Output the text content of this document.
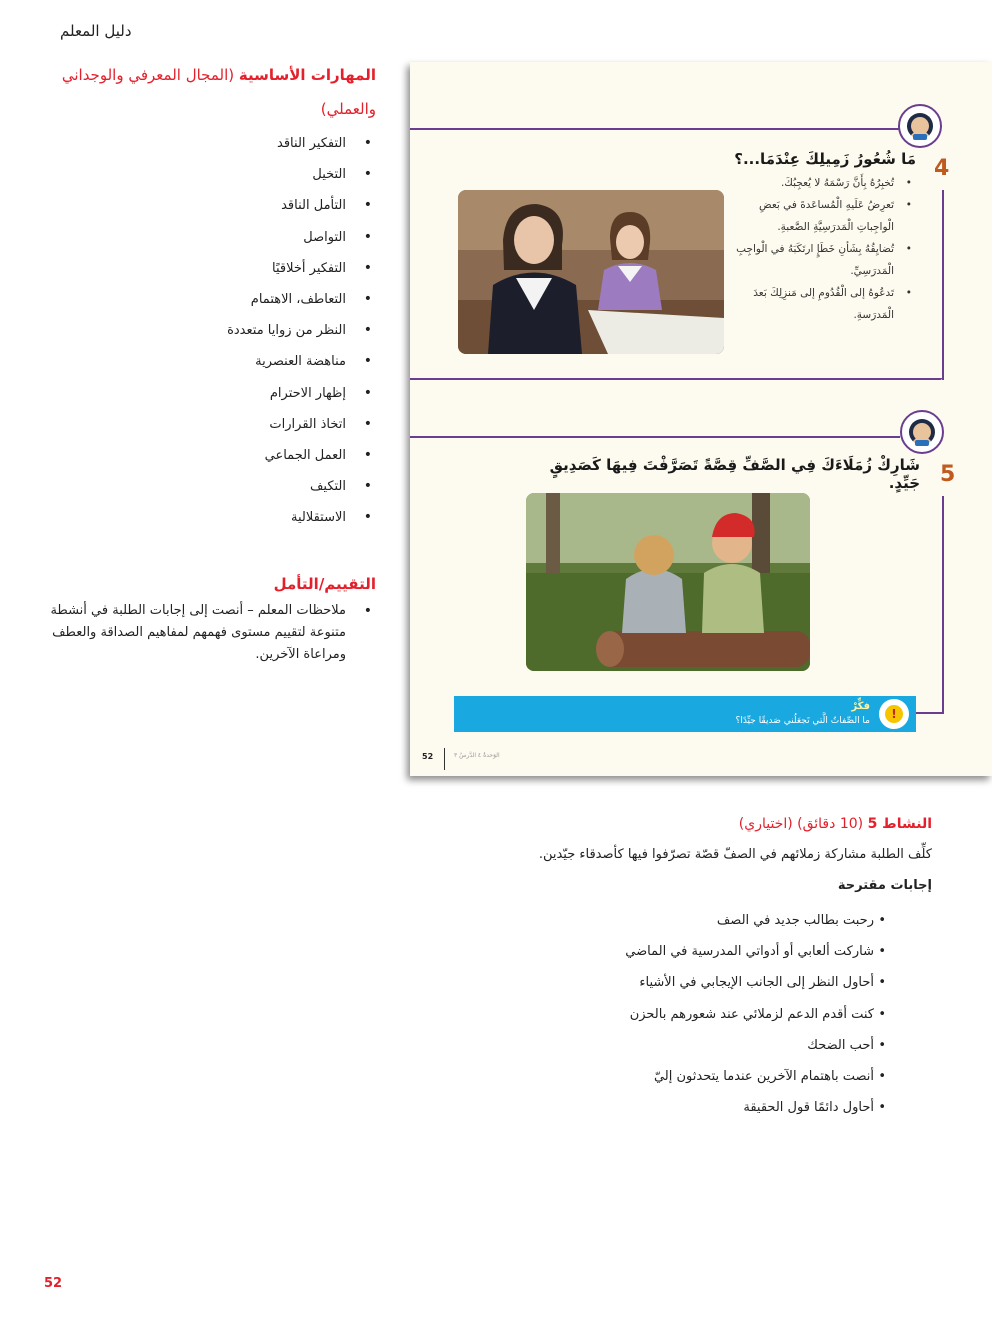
دليل المعلم
المهارات الأساسية (المجال المعرفي والوجداني والعملي)
• التفكير الناقد
• التخيل
• التأمل الناقد
• التواصل
• التفكير أخلاقيًا
• التعاطف، الاهتمام
• النظر من زوايا متعددة
• مناهضة العنصرية
• إظهار الاحترام
• اتخاذ القرارات
• العمل الجماعي
• التكيف
• الاستقلالية
التقييم/التأمل
• ملاحظات المعلم – أنصت إلى إجابات الطلبة في أنشطة متنوعة لتقييم مستوى فهمهم لمفاهيم الصداقة والعطف ومراعاة الآخرين.
4
مَا شُعُورُ زَمِيلِكَ عِنْدَمَا...؟
• تُخبِرُهُ بِأَنَّ رَسْمَهُ لا يُعجِبُكَ.
• تَعرِضُ عَلَيهِ الْمُساعَدةَ في بَعضِ الْواجِباتِ الْمَدرَسِيَّةِ الصَّعبةِ.
• تُضايِقُهُ بِشَأنِ خَطَإٍ ارتَكَبَهُ في الْواجِبِ الْمَدرَسِيِّ.
• تَدعُوهُ إلى الْقُدُومِ إلى مَنزِلِكَ بَعدَ الْمَدرَسةِ.
5
شَارِكْ زُمَلَاءَكَ فِي الصَّفِّ قِصَّةً تَصَرَّفْتَ فِيهَا كَصَدِيقٍ جَيِّدٍ.
فكِّرْ
ما الصِّفاتُ الَّتي تَجعَلُني صَديقًا جيِّدًا؟	!
52	الوَحدةُ ٤ الدَّرسُ ٣
النشاط 5 (10 دقائق) (اختياري)
كلِّف الطلبة مشاركة زملائهم في الصفّ قصّة تصرّفوا فيها كأصدقاء جيّدين.
إجابات مقترحة
• رحبت بطالب جديد في الصف
• شاركت ألعابي أو أدواتي المدرسية في الماضي
• أحاول النظر إلى الجانب الإيجابي في الأشياء
• كنت أقدم الدعم لزملائي عند شعورهم بالحزن
• أحب الضحك
• أنصت باهتمام الآخرين عندما يتحدثون إليّ
• أحاول دائمًا قول الحقيقة
52
